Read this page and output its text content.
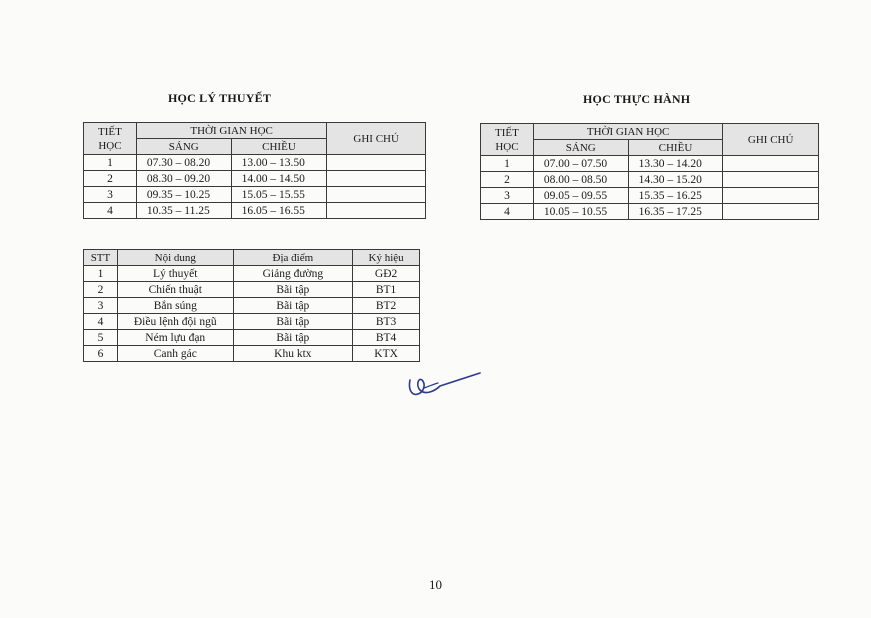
HỌC LÝ THUYẾT
TIẾT HỌC	THỜI GIAN HỌC		GHI CHÚ
	SÁNG	CHIỀU	
1	07.30 – 08.20	13.00 – 13.50	
2	08.30 – 09.20	14.00 – 14.50	
3	09.35 – 10.25	15.05 – 15.55	
4	10.35 – 11.25	16.05 – 16.55	
HỌC THỰC HÀNH
TIẾT HỌC	THỜI GIAN HỌC		GHI CHÚ
	SÁNG	CHIỀU	
1	07.00 – 07.50	13.30 – 14.20	
2	08.00 – 08.50	14.30 – 15.20	
3	09.05 – 09.55	15.35 – 16.25	
4	10.05 – 10.55	16.35 – 17.25	
STT	Nội dung	Địa điểm	Ký hiệu
1	Lý thuyết	Giảng đường	GĐ2
2	Chiến thuật	Bãi tập	BT1
3	Bắn súng	Bãi tập	BT2
4	Điều lệnh đội ngũ	Bãi tập	BT3
5	Ném lựu đạn	Bãi tập	BT4
6	Canh gác	Khu ktx	KTX
10
